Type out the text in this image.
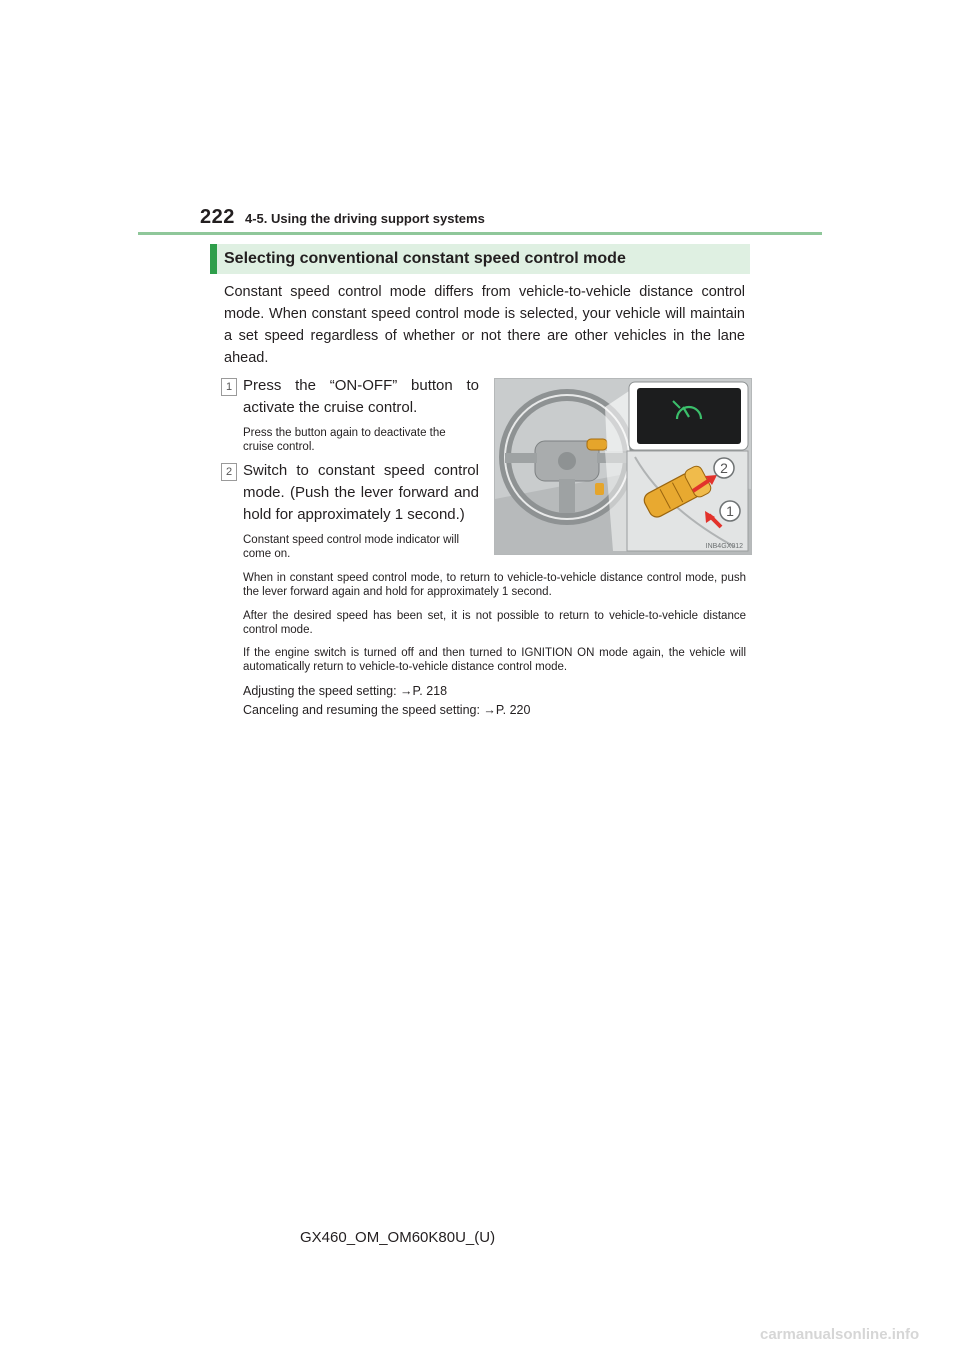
222 4-5. Using the driving support systems
Selecting conventional constant speed control mode
Constant speed control mode differs from vehicle-to-vehicle distance control mode. When constant speed control mode is selected, your vehicle will maintain a set speed regardless of whether or not there are other vehicles in the lane ahead.
1 Press the “ON-OFF” button to activate the cruise control.
Press the button again to deactivate the cruise control.
2 Switch to constant speed control mode. (Push the lever forward and hold for approximately 1 second.)
Constant speed control mode indicator will come on.
2
1
INB4GX012
When in constant speed control mode, to return to vehicle-to-vehicle distance control mode, push the lever forward again and hold for approximately 1 second.
After the desired speed has been set, it is not possible to return to vehicle-to-vehicle distance control mode.
If the engine switch is turned off and then turned to IGNITION ON mode again, the vehicle will automatically return to vehicle-to-vehicle distance control mode.
Adjusting the speed setting: →P. 218
Canceling and resuming the speed setting: →P. 220
GX460_OM_OM60K80U_(U)
carmanualsonline.info
